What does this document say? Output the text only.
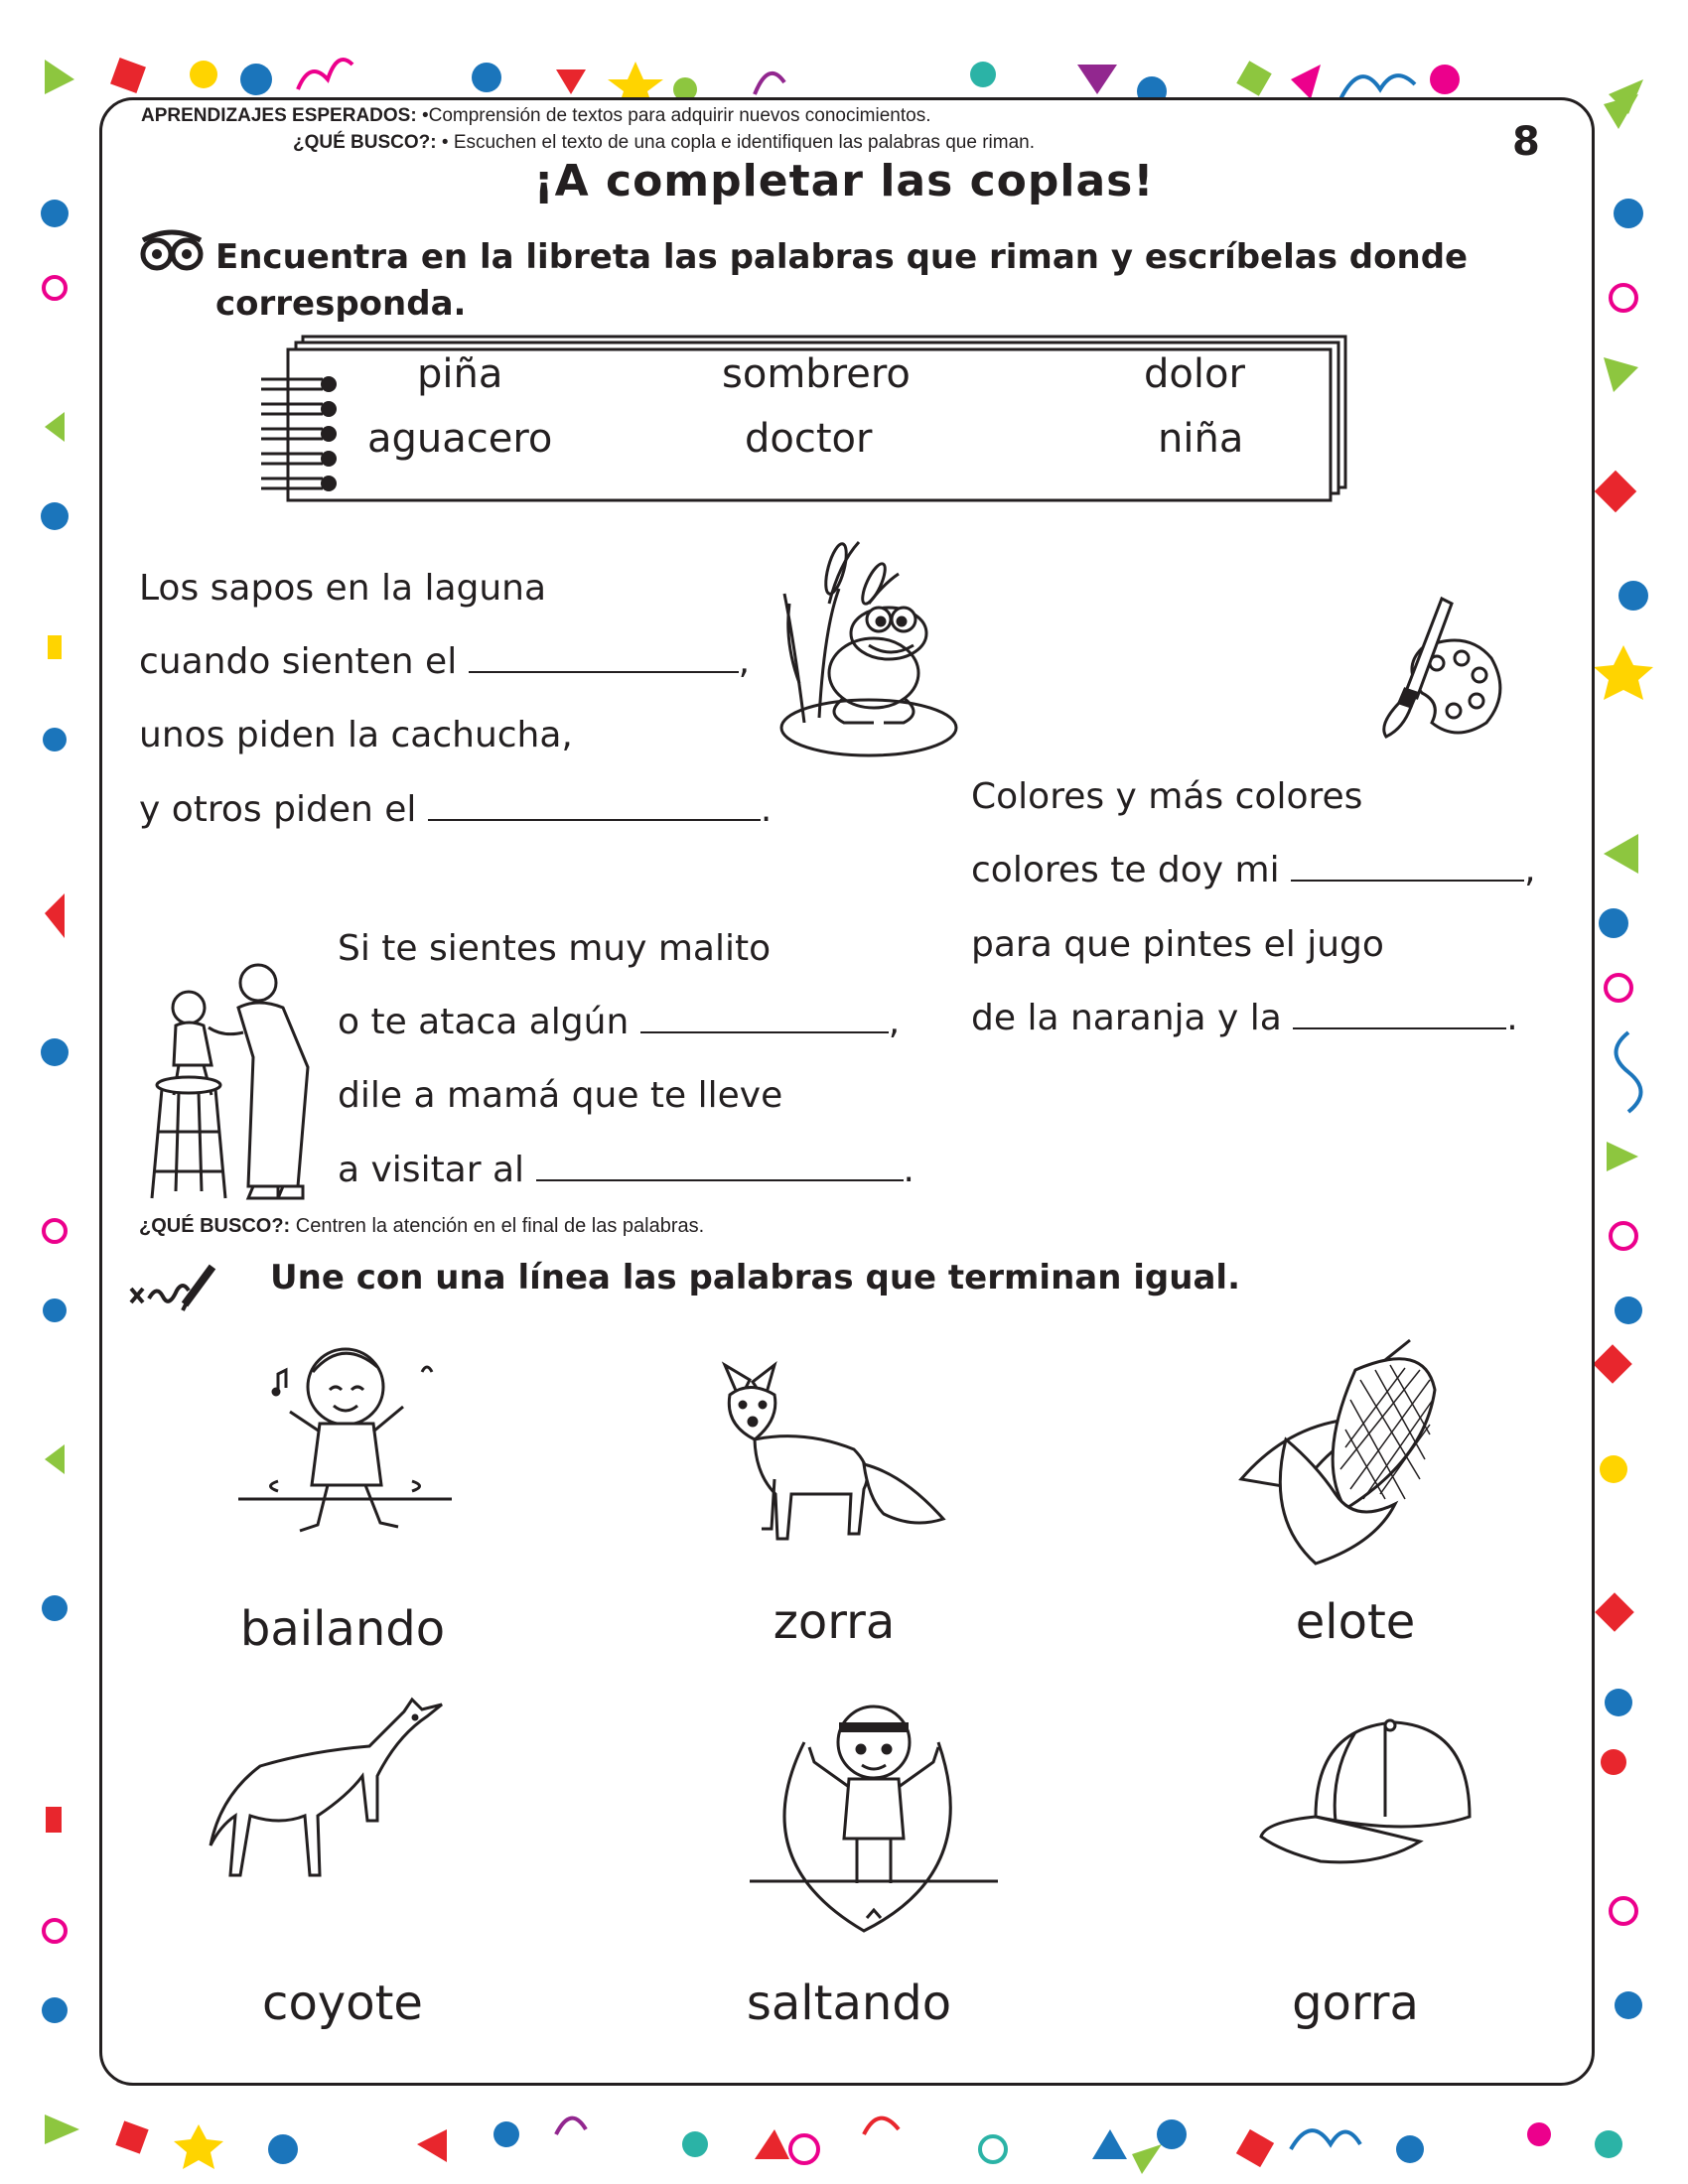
APRENDIZAJES ESPERADOS: •Comprensión de textos para adquirir nuevos conocimientos.
¿QUÉ BUSCO?: • Escuchen el texto de una copla e identifiquen las palabras que riman.	8
¡A completar las coplas!
Encuentra en la libreta las palabras que riman y escríbelas donde corresponda.
piña	sombrero	dolor
aguacero	doctor	niña
Los sapos en la laguna
cuando sienten el	,
unos piden la cachucha,
y otros piden el	.	Colores y más colores
colores te doy mi	,
para que pintes el jugo
de la naranja y la	.
Si te sientes muy malito
o te ataca algún	,
dile a mamá que te lleve
a visitar al	.
¿QUÉ BUSCO?: Centren la atención en el final de las palabras.
Une con una línea las palabras que terminan igual.
bailando	zorra	elote
coyote	saltando	gorra
